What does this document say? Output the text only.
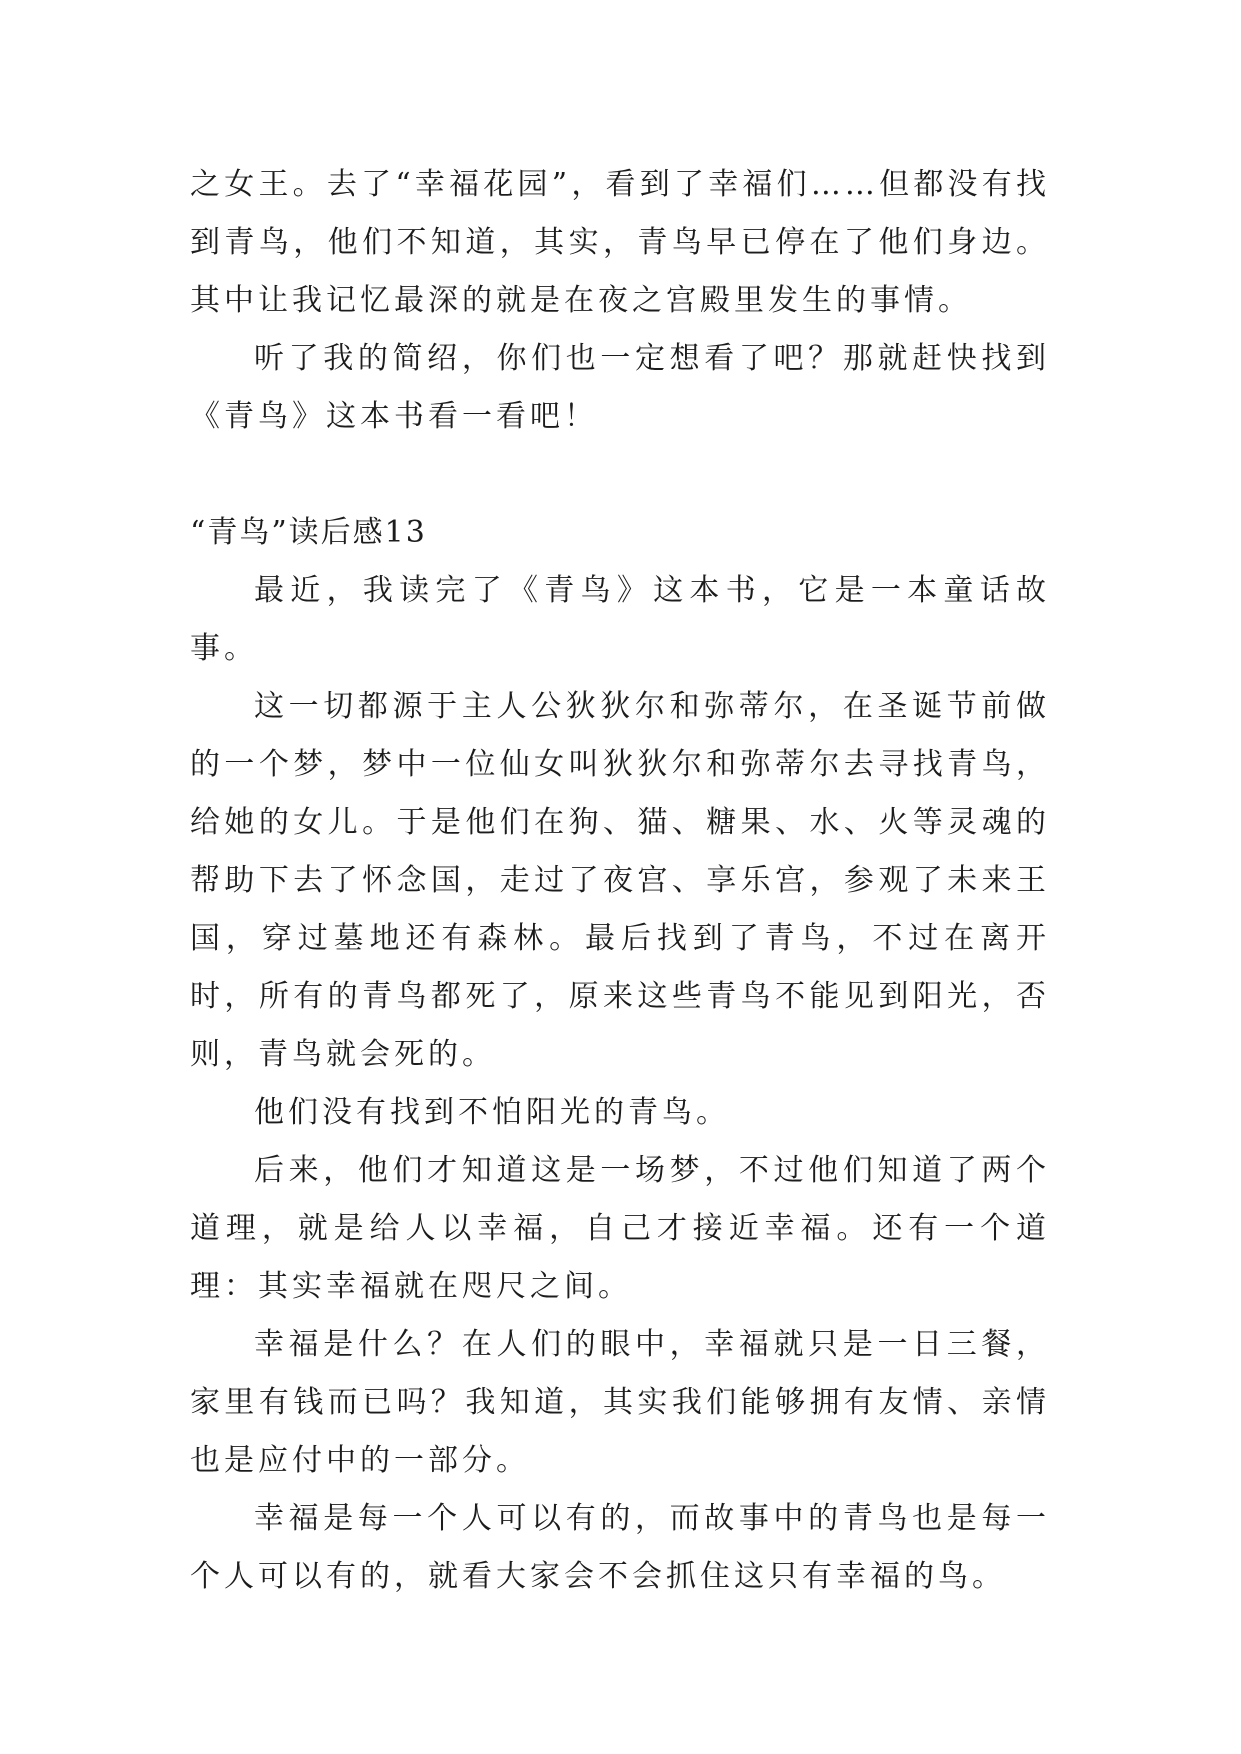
之女王。去了“幸福花园”，看到了幸福们……但都没有找到青鸟，他们不知道，其实，青鸟早已停在了他们身边。其中让我记忆最深的就是在夜之宫殿里发生的事情。

听了我的简绍，你们也一定想看了吧？那就赶快找到《青鸟》这本书看一看吧！

“青鸟”读后感13

最近，我读完了《青鸟》这本书，它是一本童话故事。

这一切都源于主人公狄狄尔和弥蒂尔，在圣诞节前做的一个梦，梦中一位仙女叫狄狄尔和弥蒂尔去寻找青鸟，给她的女儿。于是他们在狗、猫、糖果、水、火等灵魂的帮助下去了怀念国，走过了夜宫、享乐宫，参观了未来王国，穿过墓地还有森林。最后找到了青鸟，不过在离开时，所有的青鸟都死了，原来这些青鸟不能见到阳光，否则，青鸟就会死的。

他们没有找到不怕阳光的青鸟。

后来，他们才知道这是一场梦，不过他们知道了两个道理，就是给人以幸福，自己才接近幸福。还有一个道理：其实幸福就在咫尺之间。

幸福是什么？在人们的眼中，幸福就只是一日三餐，家里有钱而已吗？我知道，其实我们能够拥有友情、亲情也是应付中的一部分。

幸福是每一个人可以有的，而故事中的青鸟也是每一个人可以有的，就看大家会不会抓住这只有幸福的鸟。
